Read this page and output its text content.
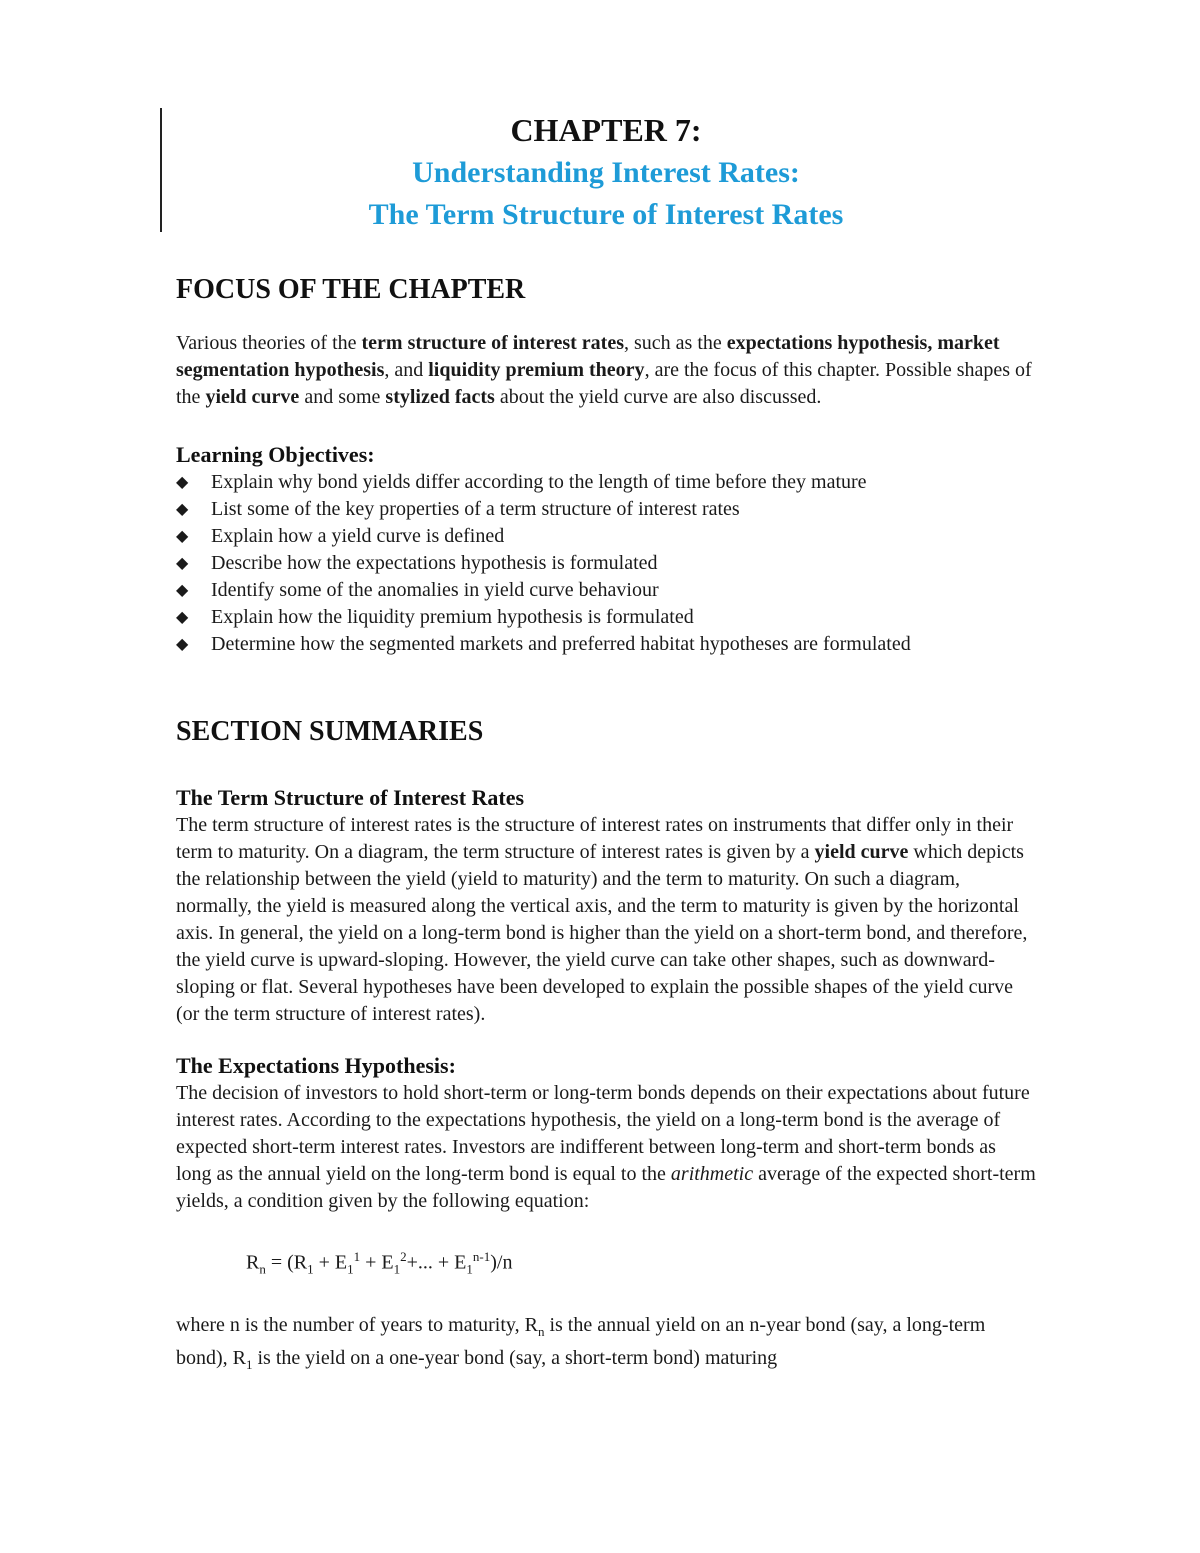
CHAPTER 7:
Understanding Interest Rates:
The Term Structure of Interest Rates
FOCUS OF THE CHAPTER

Various theories of the term structure of interest rates, such as the expectations hypothesis, market segmentation hypothesis, and liquidity premium theory, are the focus of this chapter. Possible shapes of the yield curve and some stylized facts about the yield curve are also discussed.

Learning Objectives:
◆ Explain why bond yields differ according to the length of time before they mature
◆ List some of the key properties of a term structure of interest rates
◆ Explain how a yield curve is defined
◆ Describe how the expectations hypothesis is formulated
◆ Identify some of the anomalies in yield curve behaviour
◆ Explain how the liquidity premium hypothesis is formulated
◆ Determine how the segmented markets and preferred habitat hypotheses are formulated
SECTION SUMMARIES
The Term Structure of Interest Rates

The term structure of interest rates is the structure of interest rates on instruments that differ only in their term to maturity. On a diagram, the term structure of interest rates is given by a yield curve which depicts the relationship between the yield (yield to maturity) and the term to maturity. On such a diagram, normally, the yield is measured along the vertical axis, and the term to maturity is given by the horizontal axis. In general, the yield on a long-term bond is higher than the yield on a short-term bond, and therefore, the yield curve is upward-sloping. However, the yield curve can take other shapes, such as downward-sloping or flat. Several hypotheses have been developed to explain the possible shapes of the yield curve (or the term structure of interest rates).

The Expectations Hypothesis:

The decision of investors to hold short-term or long-term bonds depends on their expectations about future interest rates. According to the expectations hypothesis, the yield on a long-term bond is the average of expected short-term interest rates. Investors are indifferent between long-term and short-term bonds as long as the annual yield on the long-term bond is equal to the arithmetic average of the expected short-term yields, a condition given by the following equation:

$R_n = (R_1 + E_1^1 + E_1^2+$... + $E_1^{n-1})/n$

where n is the number of years to maturity, $R_n$ is the annual yield on an n-year bond (say, a long-term bond), $R_1$ is the yield on a one-year bond (say, a short-term bond) maturing
